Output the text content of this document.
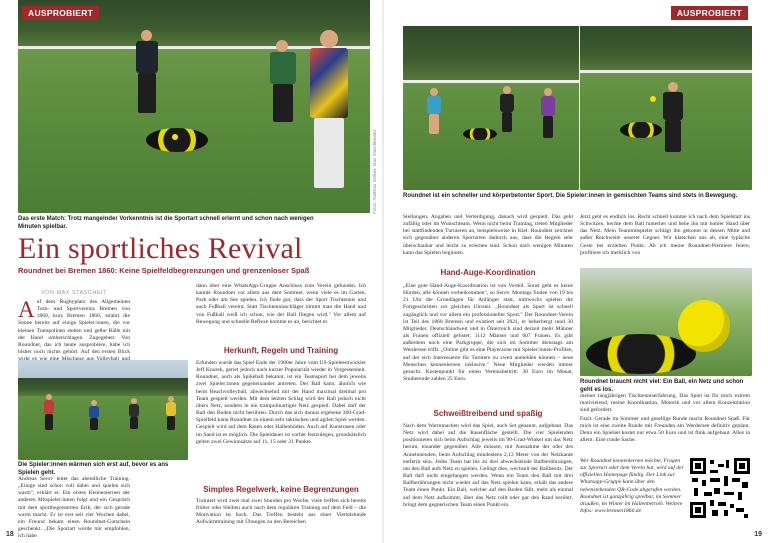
AUSPROBIERT
Das erste Match: Trotz mangelnder Vorkenntnis ist die Sportart schnell erlernt und schon nach wenigen Minuten spielbar.
Fotos: Andreas Sellner, Max Staschkiewitz
Ein sportliches Revival
Roundnet bei Bremen 1860: Keine Spielfeldbegrenzungen und grenzenloser Spaß
VON MAX STASCHEIT
Auf dem Rugbyplatz des Allgemeinen Turn- und Sportvereins Bremen von 1860, kurz Bremen 1860, strahlt die Sonne bereits auf einige Spieler:innen, die vor kleinen Trampolinen stehen und gelbe Bälle mit der Hand umherschlagen. Zugegeben: Von Roundnet, das ich heute ausprobiere, habe ich bisher noch nichts gehört. Auf den ersten Blick
Die Spieler:innen wärmen sich erst auf, bevor es ans Spielen geht.

Andreas Serov leitet das abendliche Training. „Einige sind schon voll dabei und spielen sich warm", erklärt er. Ein erstes Kennenlernen der anderen Mitspieler:innen folgt und ein Gespräch mit dem sportbegeisterten Erik, der sich gerade warm macht. Er ist erst seit vier Wochen dabei, ein Freund bekam einen Roundnet-Gutschein geschenkt. „Die Sportart wurde mir empfohlen, ich habe

dann über eine WhatsApp-Gruppe Anschluss zum Verein gefunden. Ich kannte Roundnet vor allem aus dem Sommer, wenn viele es im Garten, Park oder am See spielen. Ich finde gut, dass der Sport Tischtennis und auch Fußball vereint. Statt Tischtennisschläger nimmt man die Hand und von Fußball weiß ich schon, wie der Ball fliegen wird." Vor allem auf Bewegung und schnelle Reflexe komme es an, berichtet er.

Herkunft, Regeln und Training

Erfunden wurde das Spiel Ende der 1980er Jahre vom US-Spieleentwickler Jeff Knurek, geriet jedoch nach kurzer Popularität wieder in Vergessenheit. Roundnet, auch als Spikeball bekannt, ist ein Teamsport bei dem jeweils zwei Spieler:innen gegeneinander antreten. Der Ball kann, ähnlich wie beim Beachvolleyball, abwechselnd mit der Hand maximal dreimal pro Team gespielt werden. Mit dem letzten Schlag wird der Ball jedoch nicht übers Netz, sondern in ein trampolinartiges Netz gespielt. Dabei darf der Ball den Boden nicht berühren. Durch das sich daraus ergebene 360-Grad-Spielfeld kann Roundnet zu einem sehr taktischen und agilen Spiel werden. Gespielt wird auf dem Rasen oder Hallenböden. Auch auf Kunstrasen oder im Sand ist es möglich. Die Spieldauer ist vorher festzulegen, grundsätzlich gelten zwei Gewinnsätze auf 11, 15 oder 21 Punkte.

Simples Regelwerk, keine Begrenzungen

Trainiert wird zwei mal zwei Stunden pro Woche, viele treffen sich bereits früher oder bleiben auch nach dem regulären Training auf dem Feld – die Motivation ist hoch. Das Treffen besteht aus einer Viertelstunde Aufwärmtraining mit Übungen zu den Bereichen

18
AUSPROBIERT
Roundnet ist ein schneller und körperbetonter Sport. Die Spieler:innen in gemischten Teams sind stets in Bewegung.

Stellungen, Angaben und Verteidigung, danach wird gespielt. Das geht zufällig oder im Wunschteam. Wenn nicht beim Training, treten Mitglieder bei stattfindenden Turnieren an, beispielsweise in Kiel. Roundnet zeichnet sich gegenüber anderen Sportarten dadurch aus, dass die Regeln sehr überschaubar und leicht zu erlernen sind. Schon nach wenigen Minuten kann das Spielen beginnen.

Hand-Auge-Koordination

„Eine gute Hand-Auge-Koordination ist von Vorteil. Sonst geht es keine Hürden, alle können vorbeikommen", so Serov. Montags finden von 19 bis 21 Uhr die Grundlagen für Anfänger statt, mittwochs spielen die Fortgeschritten zur gleichen Uhrzeit. „Roundnet als Sport ist schnell zugänglich und vor allem ein professioneller Sport." Der Roundnet-Verein ist Teil des 1860 Bremen und existiert seit 2021, er beherbergt rund 30 Mitglieder. Deutschlandweit und in Österreich sind derzeit mehr Männer als Frauen offiziell gelistet: 1112 Männer und 607 Frauen. Es gibt außerdem noch eine Parkgruppe, die sich im Sommer dienstags am Werdersee trifft. „Online gibt es eine Playerzone mit Spieler:innen-Profilen, auf der sich Interessierte für Turniere zu zweit anmelden können – neue Menschen kennenlernen inklusive." Neue Mitglieder werden immer gesucht. Kostenpunkt für einen Vereinsbeitritt: 30 Euro im Monat, Studierende zahlen 25 Euro.

Schweißtreibend und spaßig

Nach dem Warmmachen wird das Spiel, auch Set genannt, aufgebaut. Das Netz wird dabei auf die Rasenfläche gestellt. Die vier Spielenden positionieren sich beim Aufschlag jeweils im 90-Grad-Winkel um das Netz herum, einander gegenüber. Alle müssen, mit Ausnahme der oder des Annehmenden, beim Aufschlag mindestens 2,13 Meter von der Netzkante entfernt sein. Jedes Team hat bis zu drei abwechselnde Ballberührungen, um den Ball aufs Netz zu spielen. Gelingt dies, wechselt der Ballbesitz. Der Ball darf nicht eingefangen werden. Wenn ein Team den Ball mit drei Ballberührungen nicht wieder auf das Netz spielen kann, erhält das andere Team einen Punkt. Ein Ball, welcher auf den Boden fällt, mehr als einmal auf dem Netz aufkommt, über das Netz rollt oder gar den Rand berührt, bringt dem gegnerischen Team einen Punkt ein.

Jetzt geht es endlich los. Recht schnell komme ich nach dem Spielstart ins Schwitzen, hechte dem Ball hinterher und hebe ihn mit hohler Hand über das Netz. Mein Teammitspieler schlägt ihn gekonnt in dessen Mitte und außer Reichweite unserer Gegner. Wir klatschen uns ab, eine typische Geste bei erzielten Punkt. Ab ich meine Roundnet-Premiere feiere, profitiere ich merklich von

Roundnet braucht nicht viel: Ein Ball, ein Netz und schon geht es los.

meiner langjährigen Tischtenniserfahrung. Das Spiel ist für mich extrem motivierend, meine Koordination, Motorik und vor allem Konzentration sind gefordert.

Fazit: Gerade im Sommer und gesellige Runde macht Roundnet Spaß. Für mich ist eine zweite Runde mit Freunden am Werdersee definitiv geplant. Denn ein Spielset kostet nur etwa 50 Euro und ist flink aufgebaut. Alles in allem: Eine runde Sache.

Wer Roundnet kennenlernen möchte, Fragen zur Sportart oder dem Verein hat, wird auf der offiziellen Homepage fündig. Der Link zur Whatsapp-Gruppe kann über den nebenstehenden QR-Code abgerufen werden. Roundnet ist ganzjährig spielbar, im Sommer draußen, im Winter im Hallenbetrieb. Weitere Infos: www.bremen1860.de
19
